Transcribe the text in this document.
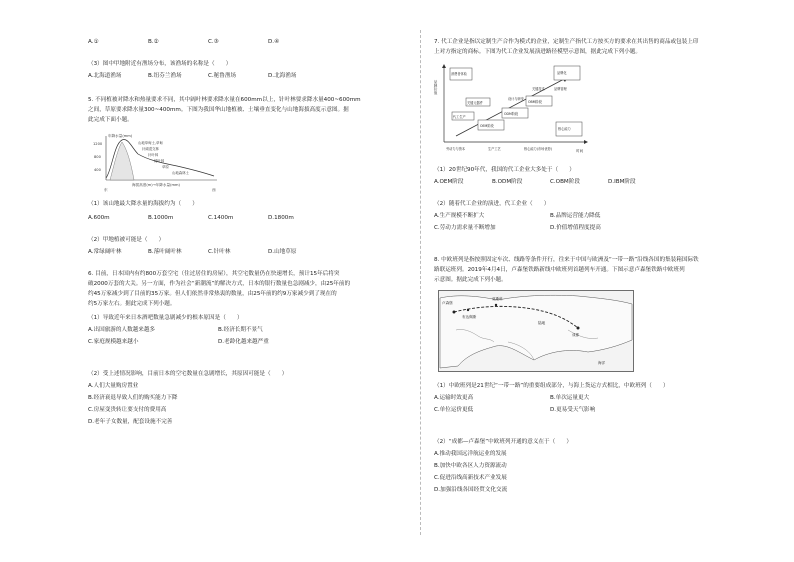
A.①	B.②	C.③	D.④
（3）图中甲地附近有渔场分布，该渔场的名称是（　　）
A.北海道渔场	B.纽芬兰渔场	C.秘鲁渔场	D.北海渔场
5. 不同植被对降水和热量要求不同，其中阔叶林要求降水量在600mm以上，针叶林要求降水量400~600mm
之间，草原要求降水量300~400mm。下图为我国华山地植被、土壤垂直变化与山地海拔高度示意图。据
此完成下面小题。
年降水量(mm)
1200
800
400
山地草甸土,草甸
针阔混交林
针叶林
阔叶林
草原
山地森林土
海拔高度(m)→年降水量(mm)
东	西
（1）该山地最大降水量的海拔约为（　　）
A.600m	B.1000m	C.1400m	D.1800m
（2）甲地植被可能是（　　）
A.常绿阔叶林	B.落叶阔叶林	C.针叶林	D.山地草原
6. 目前，日本国内有约800万套空宅（住过居住的房屋），其空宅数量仍在快速增长，预计15年后将突
破2000万套的大关。另一方面，作为社会“新潮流”的解决方式，日本的银行数量也急剧减少，由25年前的
约45万家减少到了目前的35万家。但人们依然非常热衷的数量，由25年前的约9万家减少到了现在的
约5万家左右。据此完成下列小题。
（1）导致近年来日本酒吧数量急剧减少的根本原因是（　　）
A.出国旅游的人数越来越多	B.经济长期不景气
C.家庭规模越来越小	D.老龄化越来越严重
（2）受上述情况影响，目前日本的空宅数量在急剧增长，其原因可能是（　　）
A.人们大量购房置业
B.经济衰退导致人们的购买能力下降
C.房屋变贵转让要支付的费用高
D.老年子女数量，配套设施不完善
7. 代工企业是指以定制生产合作为模式的企业，定制生产指代工方按买方的要求在其出售的商品或包装上印
上对方指定的商标。下图为代工企业发展演进路径模型示意图，据此完成下列小题。
品牌价值
时间
消费者体验	品牌化
OBM阶段
ODM阶段
OEM阶段
关键元器件
代工生产
核心能力
关键技术
设计与研发
品牌管理
劳动力与资本	生产工艺	核心能力(市场优势)
（1）20世纪90年代，我国的代工企业大多处于（　　）
A.OEM阶段	B.ODM阶段	C.OBM阶段	D.IBM阶段
（2）随着代工企业的演进，代工企业（　　）
A.生产规模不断扩大	B.品牌运营能力降低
C.劳动力需求量不断增加	D.价值增值程度提高
8. 中欧班列是指按照固定车次、线路等条件开行，往来于中国与欧洲及“一带一路”沿线各国的集装箱国际铁
路联运班列。2019年4月4日，卢森堡铁路新线中欧班列首趟列车开通。下图示意卢森堡铁路中欧班列
示意图。据此完成下列小题。
卢森堡
布达佩斯
莫斯科
成都
海洋
陆地
（1）中欧班列是21世纪“一带一路”的重要组成部分，与海上货运方式相比，中欧班列（　　）
A.运输时效更高	B.单次运量更大
C.单位运价更低	D.更易受天气影响
（2）“成都—卢森堡”中欧班列开通的意义在于（　　）
A.推动我国远洋航运业的发展
B.加快中欧各区人力资源流动
C.促进沿线高新技术产业发展
D.加强沿线各国经贸文化交流
